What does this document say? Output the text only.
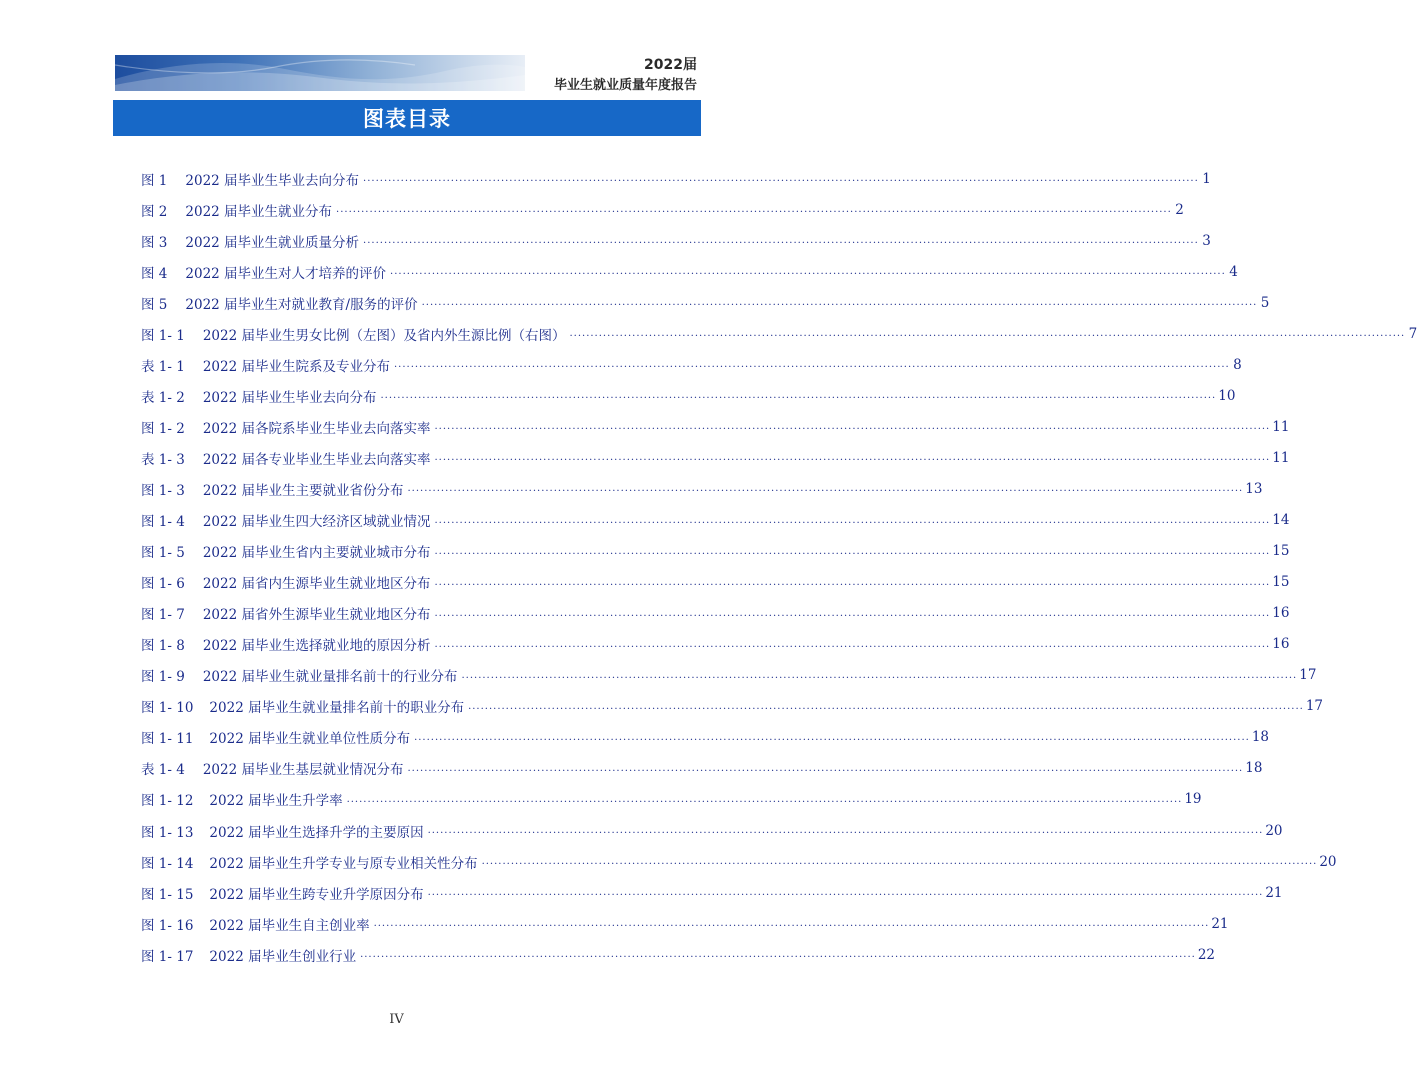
2022届
毕业生就业质量年度报告
图表目录
图 1 2022 届毕业生毕业去向分布 ........................................................................................................................................................................................................ 1
图 2 2022 届毕业生就业分布 ........................................................................................................................................................................................................ 2
图 3 2022 届毕业生就业质量分析 ........................................................................................................................................................................................................ 3
图 4 2022 届毕业生对人才培养的评价 ........................................................................................................................................................................................................ 4
图 5 2022 届毕业生对就业教育/服务的评价 ........................................................................................................................................................................................................ 5
图 1- 1 2022 届毕业生男女比例（左图）及省内外生源比例（右图） ........................................................................................................................................................................................................ 7
表 1- 1 2022 届毕业生院系及专业分布 ........................................................................................................................................................................................................ 8
表 1- 2 2022 届毕业生毕业去向分布 ........................................................................................................................................................................................................ 10
图 1- 2 2022 届各院系毕业生毕业去向落实率 ........................................................................................................................................................................................................ 11
表 1- 3 2022 届各专业毕业生毕业去向落实率 ........................................................................................................................................................................................................ 11
图 1- 3 2022 届毕业生主要就业省份分布 ........................................................................................................................................................................................................ 13
图 1- 4 2022 届毕业生四大经济区域就业情况 ........................................................................................................................................................................................................ 14
图 1- 5 2022 届毕业生省内主要就业城市分布 ........................................................................................................................................................................................................ 15
图 1- 6 2022 届省内生源毕业生就业地区分布 ........................................................................................................................................................................................................ 15
图 1- 7 2022 届省外生源毕业生就业地区分布 ........................................................................................................................................................................................................ 16
图 1- 8 2022 届毕业生选择就业地的原因分析 ........................................................................................................................................................................................................ 16
图 1- 9 2022 届毕业生就业量排名前十的行业分布 ........................................................................................................................................................................................................ 17
图 1- 10 2022 届毕业生就业量排名前十的职业分布 ........................................................................................................................................................................................................ 17
图 1- 11 2022 届毕业生就业单位性质分布 ........................................................................................................................................................................................................ 18
表 1- 4 2022 届毕业生基层就业情况分布 ........................................................................................................................................................................................................ 18
图 1- 12 2022 届毕业生升学率 ........................................................................................................................................................................................................ 19
图 1- 13 2022 届毕业生选择升学的主要原因 ........................................................................................................................................................................................................ 20
图 1- 14 2022 届毕业生升学专业与原专业相关性分布 ........................................................................................................................................................................................................ 20
图 1- 15 2022 届毕业生跨专业升学原因分布 ........................................................................................................................................................................................................ 21
图 1- 16 2022 届毕业生自主创业率 ........................................................................................................................................................................................................ 21
图 1- 17 2022 届毕业生创业行业 ........................................................................................................................................................................................................ 22
IV
